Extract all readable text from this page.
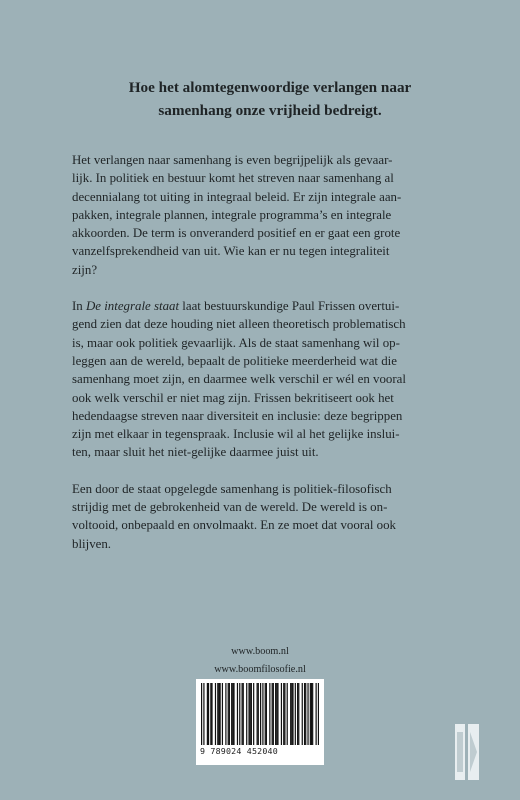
Hoe het alomtegenwoordige verlangen naar
samenhang onze vrijheid bedreigt.

Het verlangen naar samenhang is even begrijpelijk als gevaar-
lijk. In politiek en bestuur komt het streven naar samenhang al
decennialang tot uiting in integraal beleid. Er zijn integrale aan-
pakken, integrale plannen, integrale programma’s en integrale
akkoorden. De term is onveranderd positief en er gaat een grote
vanzelfsprekendheid van uit. Wie kan er nu tegen integraliteit
zijn?

In De integrale staat laat bestuurskundige Paul Frissen overtui-
gend zien dat deze houding niet alleen theoretisch problematisch
is, maar ook politiek gevaarlijk. Als de staat samenhang wil op-
leggen aan de wereld, bepaalt de politieke meerderheid wat die
samenhang moet zijn, en daarmee welk verschil er wél en vooral
ook welk verschil er niet mag zijn. Frissen bekritiseert ook het
hedendaagse streven naar diversiteit en inclusie: deze begrippen
zijn met elkaar in tegenspraak. Inclusie wil al het gelijke inslui-
ten, maar sluit het niet-gelijke daarmee juist uit.

Een door de staat opgelegde samenhang is politiek-filosofisch
strijdig met de gebrokenheid van de wereld. De wereld is on-
voltooid, onbepaald en onvolmaakt. En ze moet dat vooral ook
blijven.

www.boom.nl
www.boomfilosofie.nl
9 789024 452040
